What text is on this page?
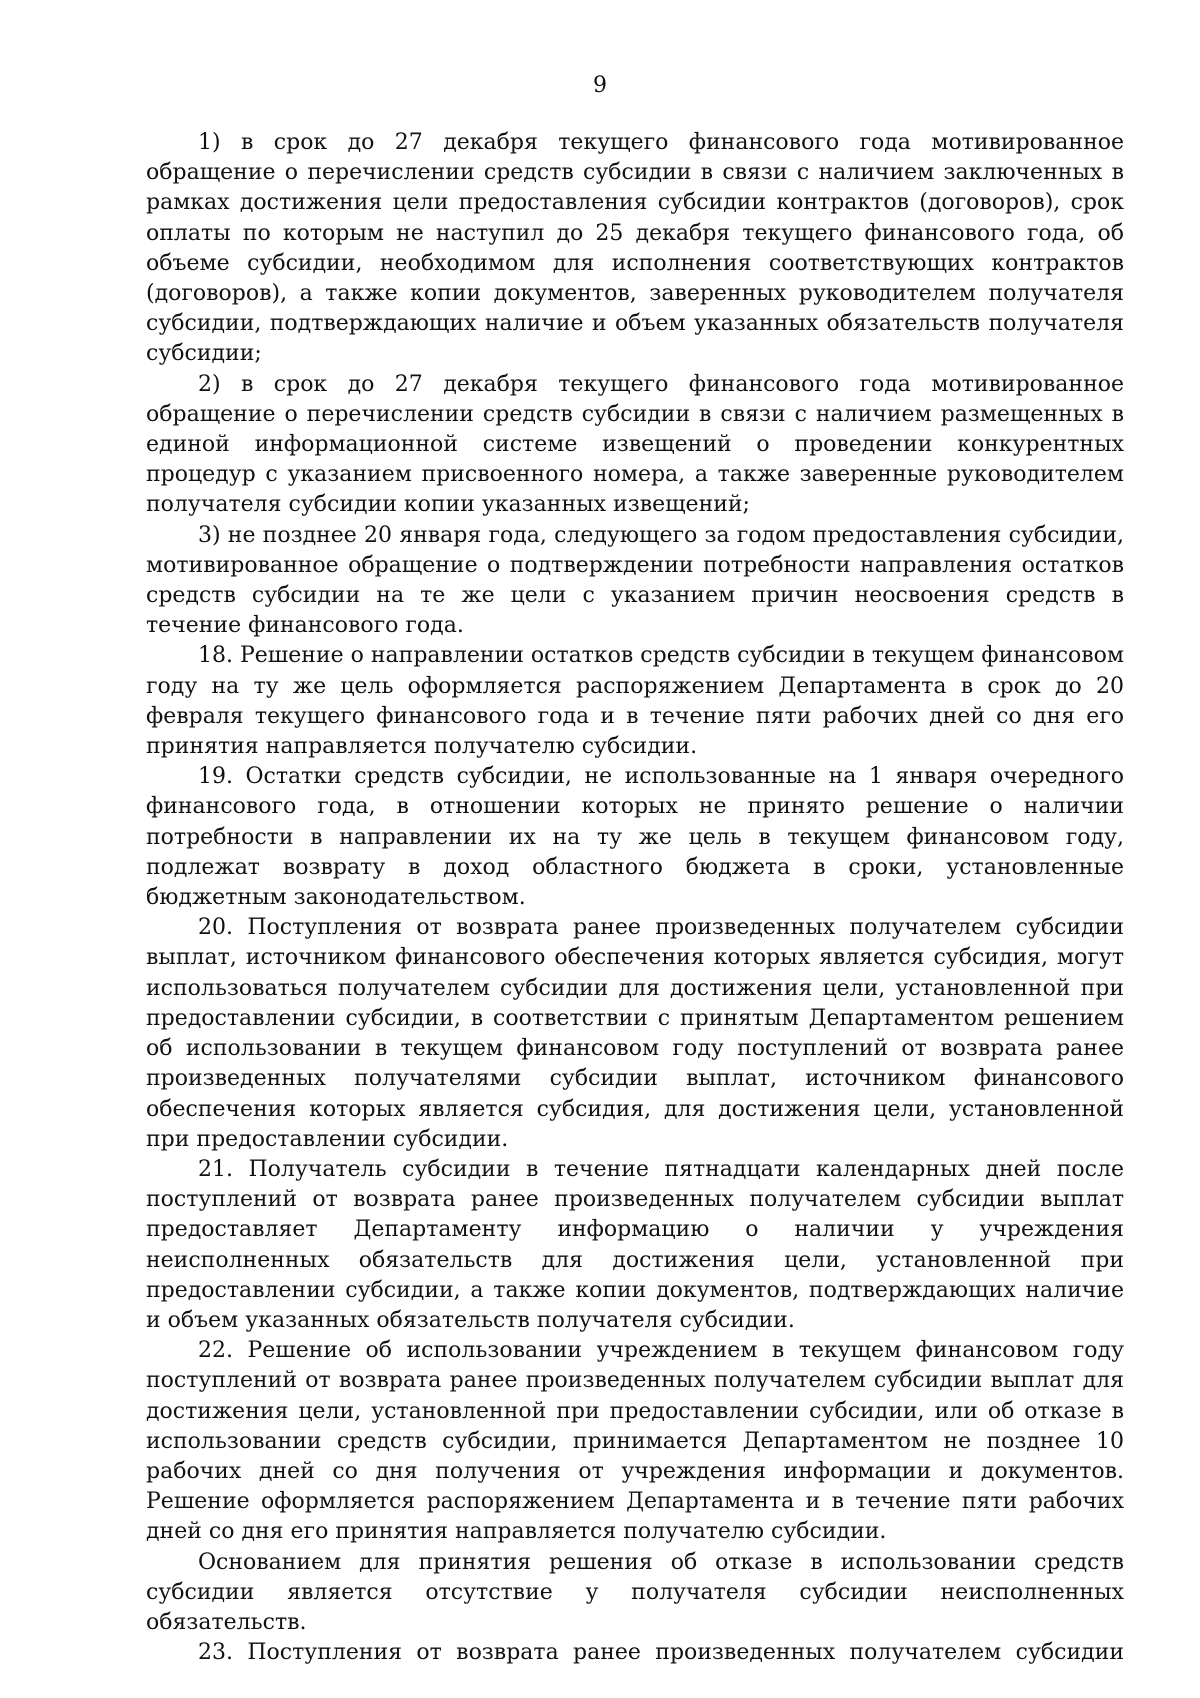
9

1) в срок до 27 декабря текущего финансового года мотивированное обращение о перечислении средств субсидии в связи с наличием заключенных в рамках достижения цели предоставления субсидии контрактов (договоров), срок оплаты по которым не наступил до 25 декабря текущего финансового года, об объеме субсидии, необходимом для исполнения соответствующих контрактов (договоров), а также копии документов, заверенных руководителем получателя субсидии, подтверждающих наличие и объем указанных обязательств получателя субсидии;

2) в срок до 27 декабря текущего финансового года мотивированное обращение о перечислении средств субсидии в связи с наличием размещенных в единой информационной системе извещений о проведении конкурентных процедур с указанием присвоенного номера, а также заверенные руководителем получателя субсидии копии указанных извещений;

3) не позднее 20 января года, следующего за годом предоставления субсидии, мотивированное обращение о подтверждении потребности направления остатков средств субсидии на те же цели с указанием причин неосвоения средств в течение финансового года.

18. Решение о направлении остатков средств субсидии в текущем финансовом году на ту же цель оформляется распоряжением Департамента в срок до 20 февраля текущего финансового года и в течение пяти рабочих дней со дня его принятия направляется получателю субсидии.

19. Остатки средств субсидии, не использованные на 1 января очередного финансового года, в отношении которых не принято решение о наличии потребности в направлении их на ту же цель в текущем финансовом году, подлежат возврату в доход областного бюджета в сроки, установленные бюджетным законодательством.

20. Поступления от возврата ранее произведенных получателем субсидии выплат, источником финансового обеспечения которых является субсидия, могут использоваться получателем субсидии для достижения цели, установленной при предоставлении субсидии, в соответствии с принятым Департаментом решением об использовании в текущем финансовом году поступлений от возврата ранее произведенных получателями субсидии выплат, источником финансового обеспечения которых является субсидия, для достижения цели, установленной при предоставлении субсидии.

21. Получатель субсидии в течение пятнадцати календарных дней после поступлений от возврата ранее произведенных получателем субсидии выплат предоставляет Департаменту информацию о наличии у учреждения неисполненных обязательств для достижения цели, установленной при предоставлении субсидии, а также копии документов, подтверждающих наличие и объем указанных обязательств получателя субсидии.

22. Решение об использовании учреждением в текущем финансовом году поступлений от возврата ранее произведенных получателем субсидии выплат для достижения цели, установленной при предоставлении субсидии, или об отказе в использовании средств субсидии, принимается Департаментом не позднее 10 рабочих дней со дня получения от учреждения информации и документов. Решение оформляется распоряжением Департамента и в течение пяти рабочих дней со дня его принятия направляется получателю субсидии.

Основанием для принятия решения об отказе в использовании средств субсидии является отсутствие у получателя субсидии неисполненных обязательств.

23. Поступления от возврата ранее произведенных получателем субсидии
